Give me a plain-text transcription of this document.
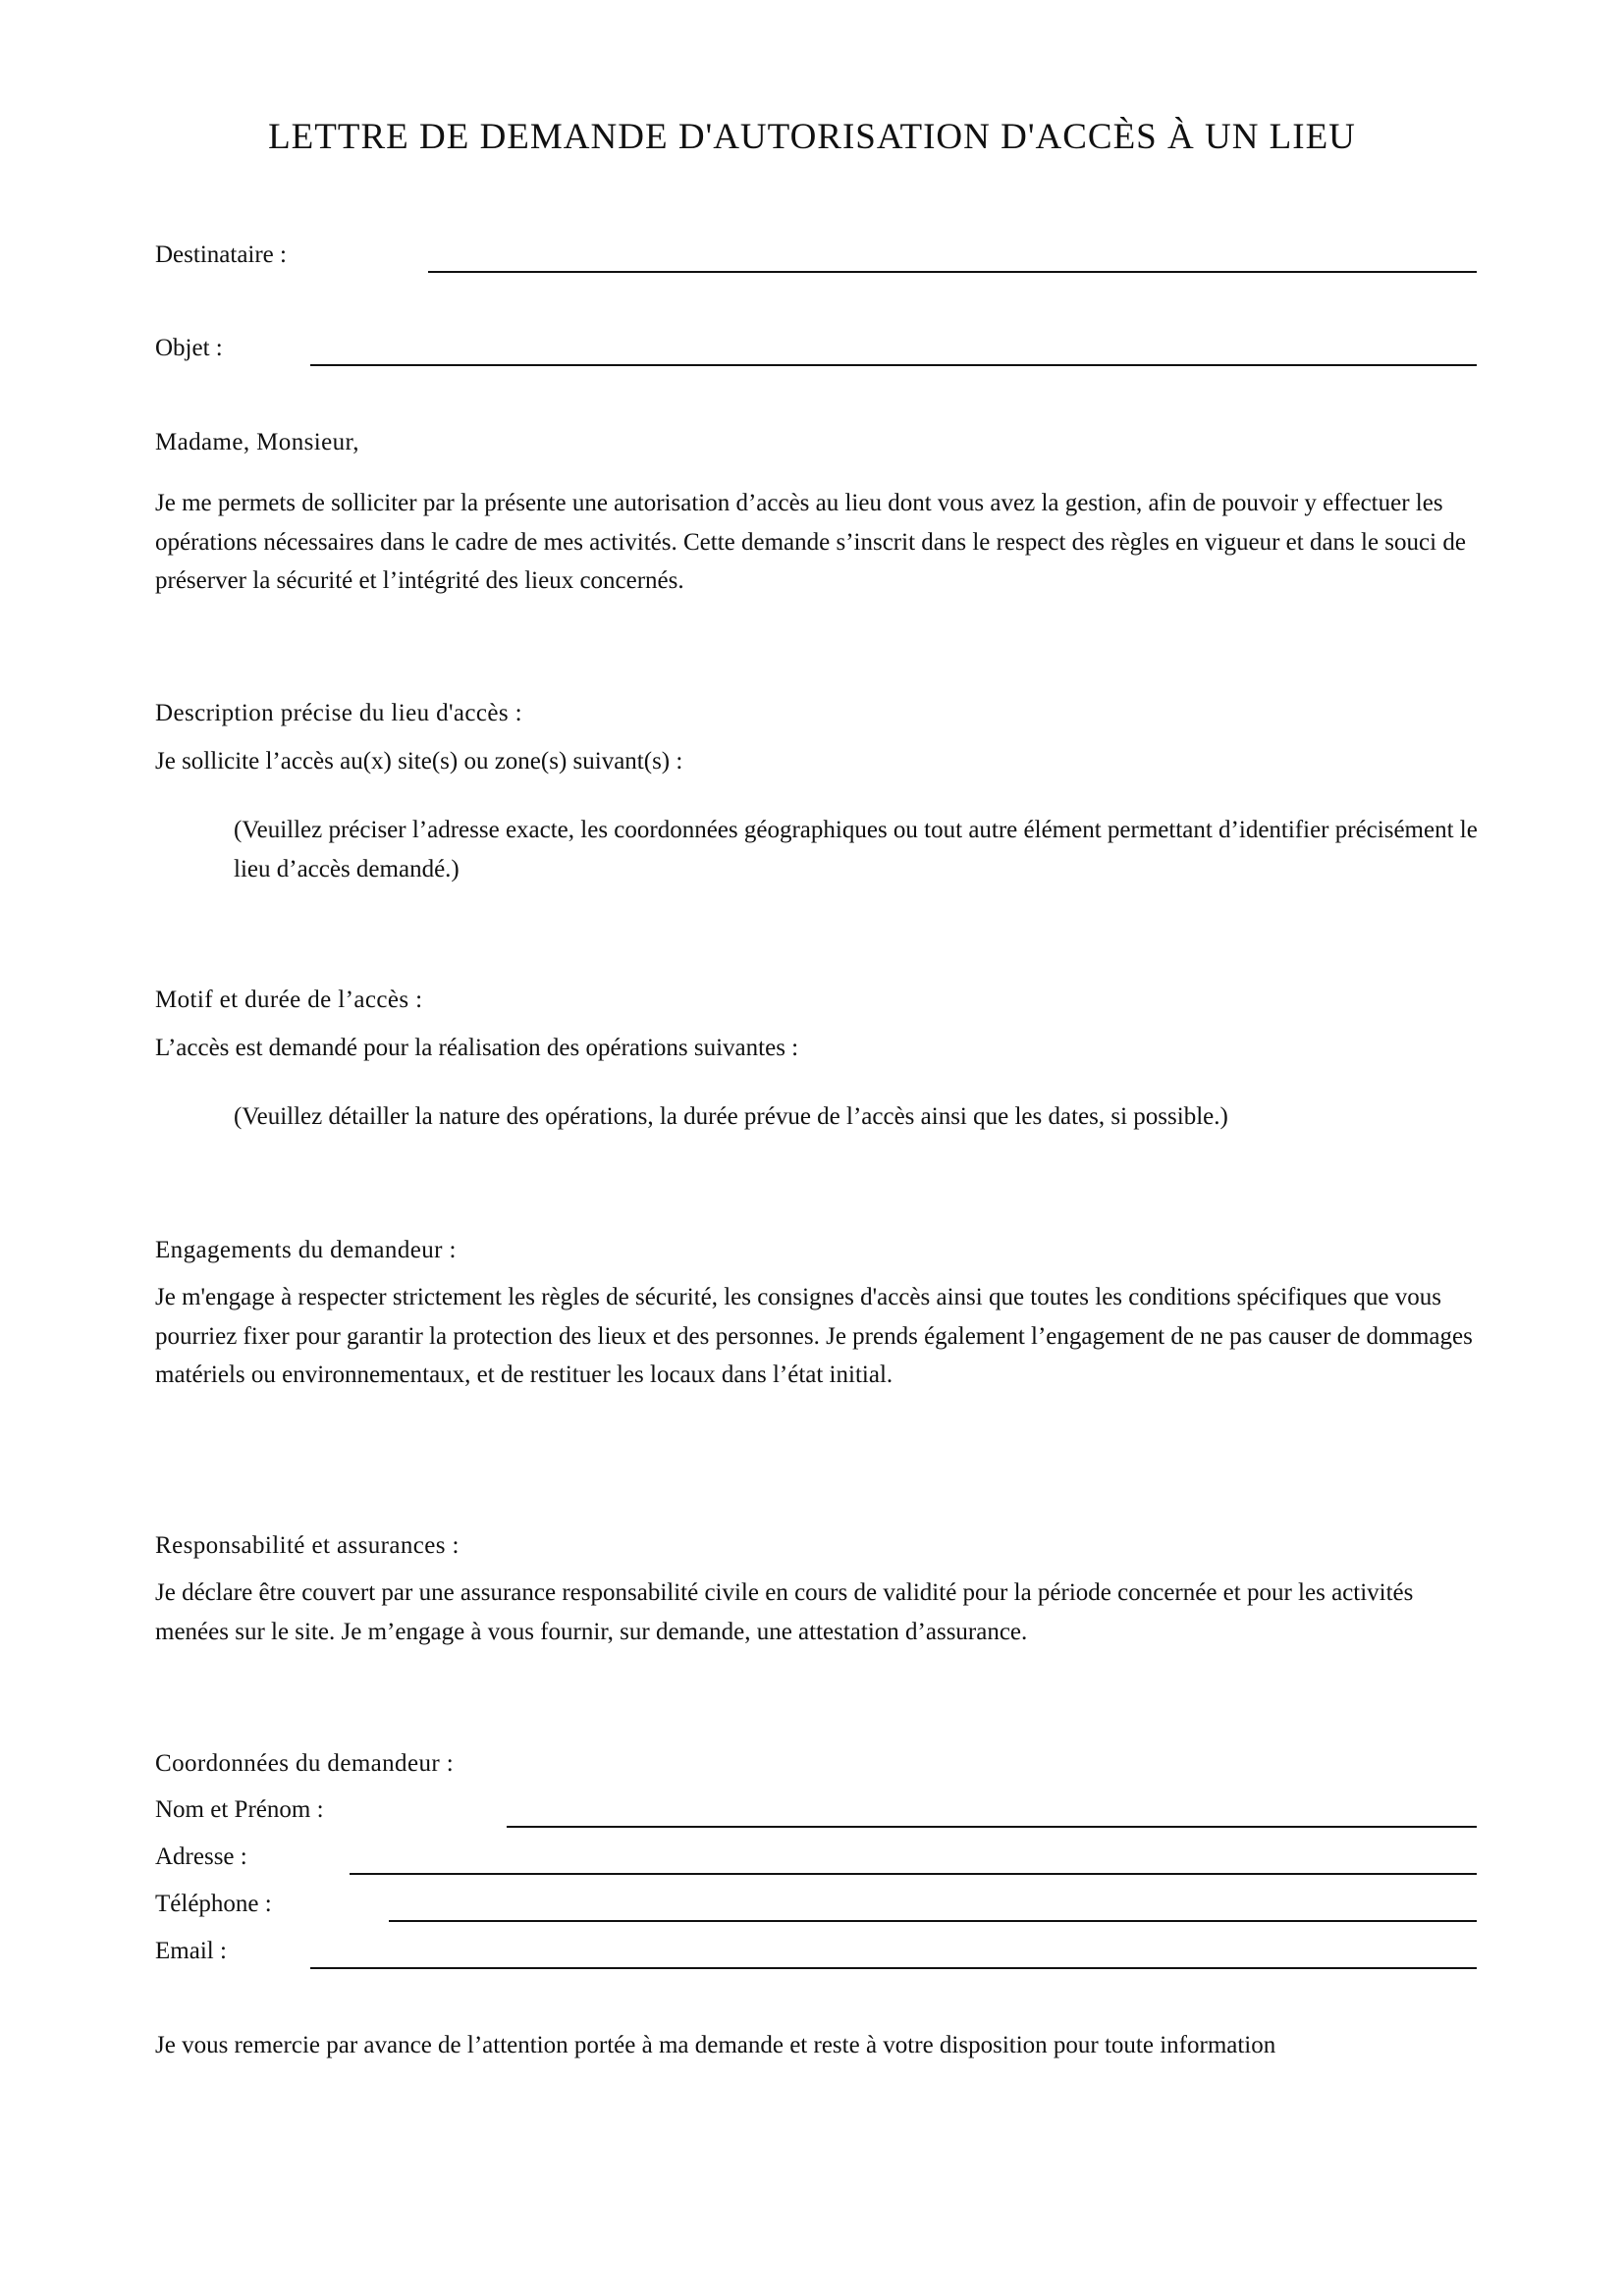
LETTRE DE DEMANDE D'AUTORISATION D'ACCÈS À UN LIEU
Destinataire :
Objet :

Madame, Monsieur,

Je me permets de solliciter par la présente une autorisation d’accès au lieu dont vous avez la gestion, afin de pouvoir y effectuer les opérations nécessaires dans le cadre de mes activités. Cette demande s’inscrit dans le respect des règles en vigueur et dans le souci de préserver la sécurité et l’intégrité des lieux concernés.

Description précise du lieu d'accès :

Je sollicite l’accès au(x) site(s) ou zone(s) suivant(s) :

(Veuillez préciser l’adresse exacte, les coordonnées géographiques ou tout autre élément permettant d’identifier précisément le lieu d’accès demandé.)

Motif et durée de l’accès :

L’accès est demandé pour la réalisation des opérations suivantes :

(Veuillez détailler la nature des opérations, la durée prévue de l’accès ainsi que les dates, si possible.)

Engagements du demandeur :

Je m'engage à respecter strictement les règles de sécurité, les consignes d'accès ainsi que toutes les conditions spécifiques que vous pourriez fixer pour garantir la protection des lieux et des personnes. Je prends également l’engagement de ne pas causer de dommages matériels ou environnementaux, et de restituer les locaux dans l’état initial.

Responsabilité et assurances :

Je déclare être couvert par une assurance responsabilité civile en cours de validité pour la période concernée et pour les activités menées sur le site. Je m’engage à vous fournir, sur demande, une attestation d’assurance.

Coordonnées du demandeur :

Nom et Prénom :
Adresse :
Téléphone :
Email :

Je vous remercie par avance de l’attention portée à ma demande et reste à votre disposition pour toute information
